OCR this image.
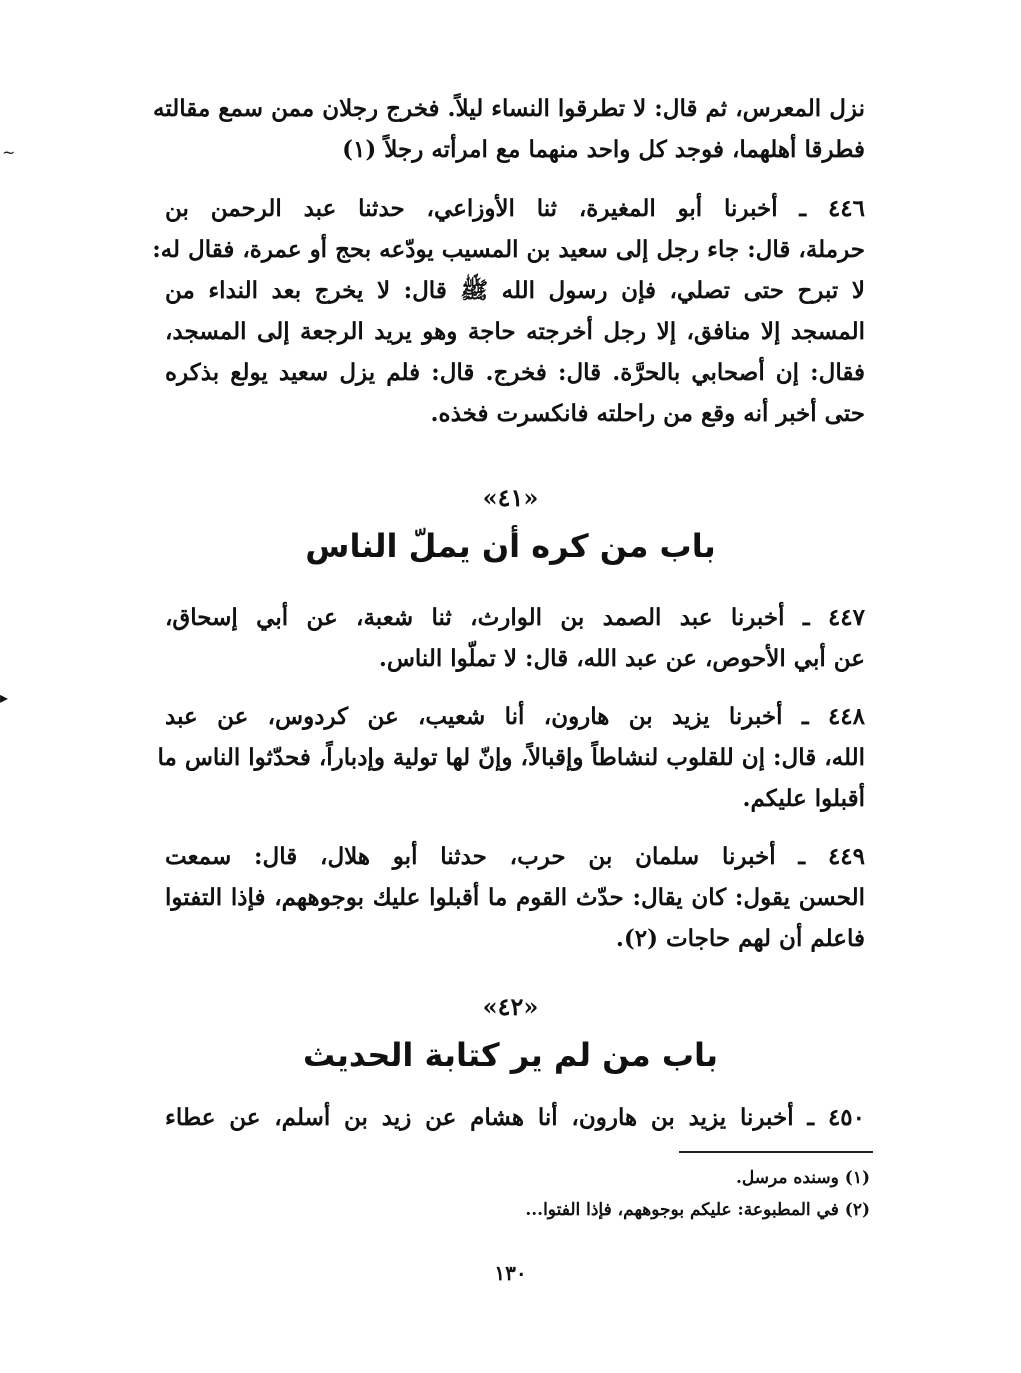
نزل المعرس، ثم قال: لا تطرقوا النساء ليلاً. فخرج رجلان ممن سمع مقالته
فطرقا أهلهما، فوجد كل واحد منهما مع امرأته رجلاً (١)
٤٤٦ ـ أخبرنا أبو المغيرة، ثنا الأوزاعي، حدثنا عبد الرحمن بن
حرملة، قال: جاء رجل إلى سعيد بن المسيب يودّعه بحج أو عمرة، فقال له:
لا تبرح حتى تصلي، فإن رسول الله ﷺ قال: لا يخرج بعد النداء من
المسجد إلا منافق، إلا رجل أخرجته حاجة وهو يريد الرجعة إلى المسجد،
فقال: إن أصحابي بالحرَّة. قال: فخرج. قال: فلم يزل سعيد يولع بذكره
حتى أخبر أنه وقع من راحلته فانكسرت فخذه.
«٤١»
باب من كره أن يملّ الناس
٤٤٧ ـ أخبرنا عبد الصمد بن الوارث، ثنا شعبة، عن أبي إسحاق،
عن أبي الأحوص، عن عبد الله، قال: لا تملّوا الناس.
٤٤٨ ـ أخبرنا يزيد بن هارون، أنا شعيب، عن كردوس، عن عبد
الله، قال: إن للقلوب لنشاطاً وإقبالاً، وإنّ لها تولية وإدباراً، فحدّثوا الناس ما
أقبلوا عليكم.
٤٤٩ ـ أخبرنا سلمان بن حرب، حدثنا أبو هلال، قال: سمعت
الحسن يقول: كان يقال: حدّث القوم ما أقبلوا عليك بوجوههم، فإذا التفتوا
فاعلم أن لهم حاجات (٢).
«٤٢»
باب من لم ير كتابة الحديث
٤٥٠ ـ أخبرنا يزيد بن هارون، أنا هشام عن زيد بن أسلم، عن عطاء
(١) وسنده مرسل.
(٢) في المطبوعة: عليكم بوجوههم، فإذا الفتوا...
١٣٠
~
▸
